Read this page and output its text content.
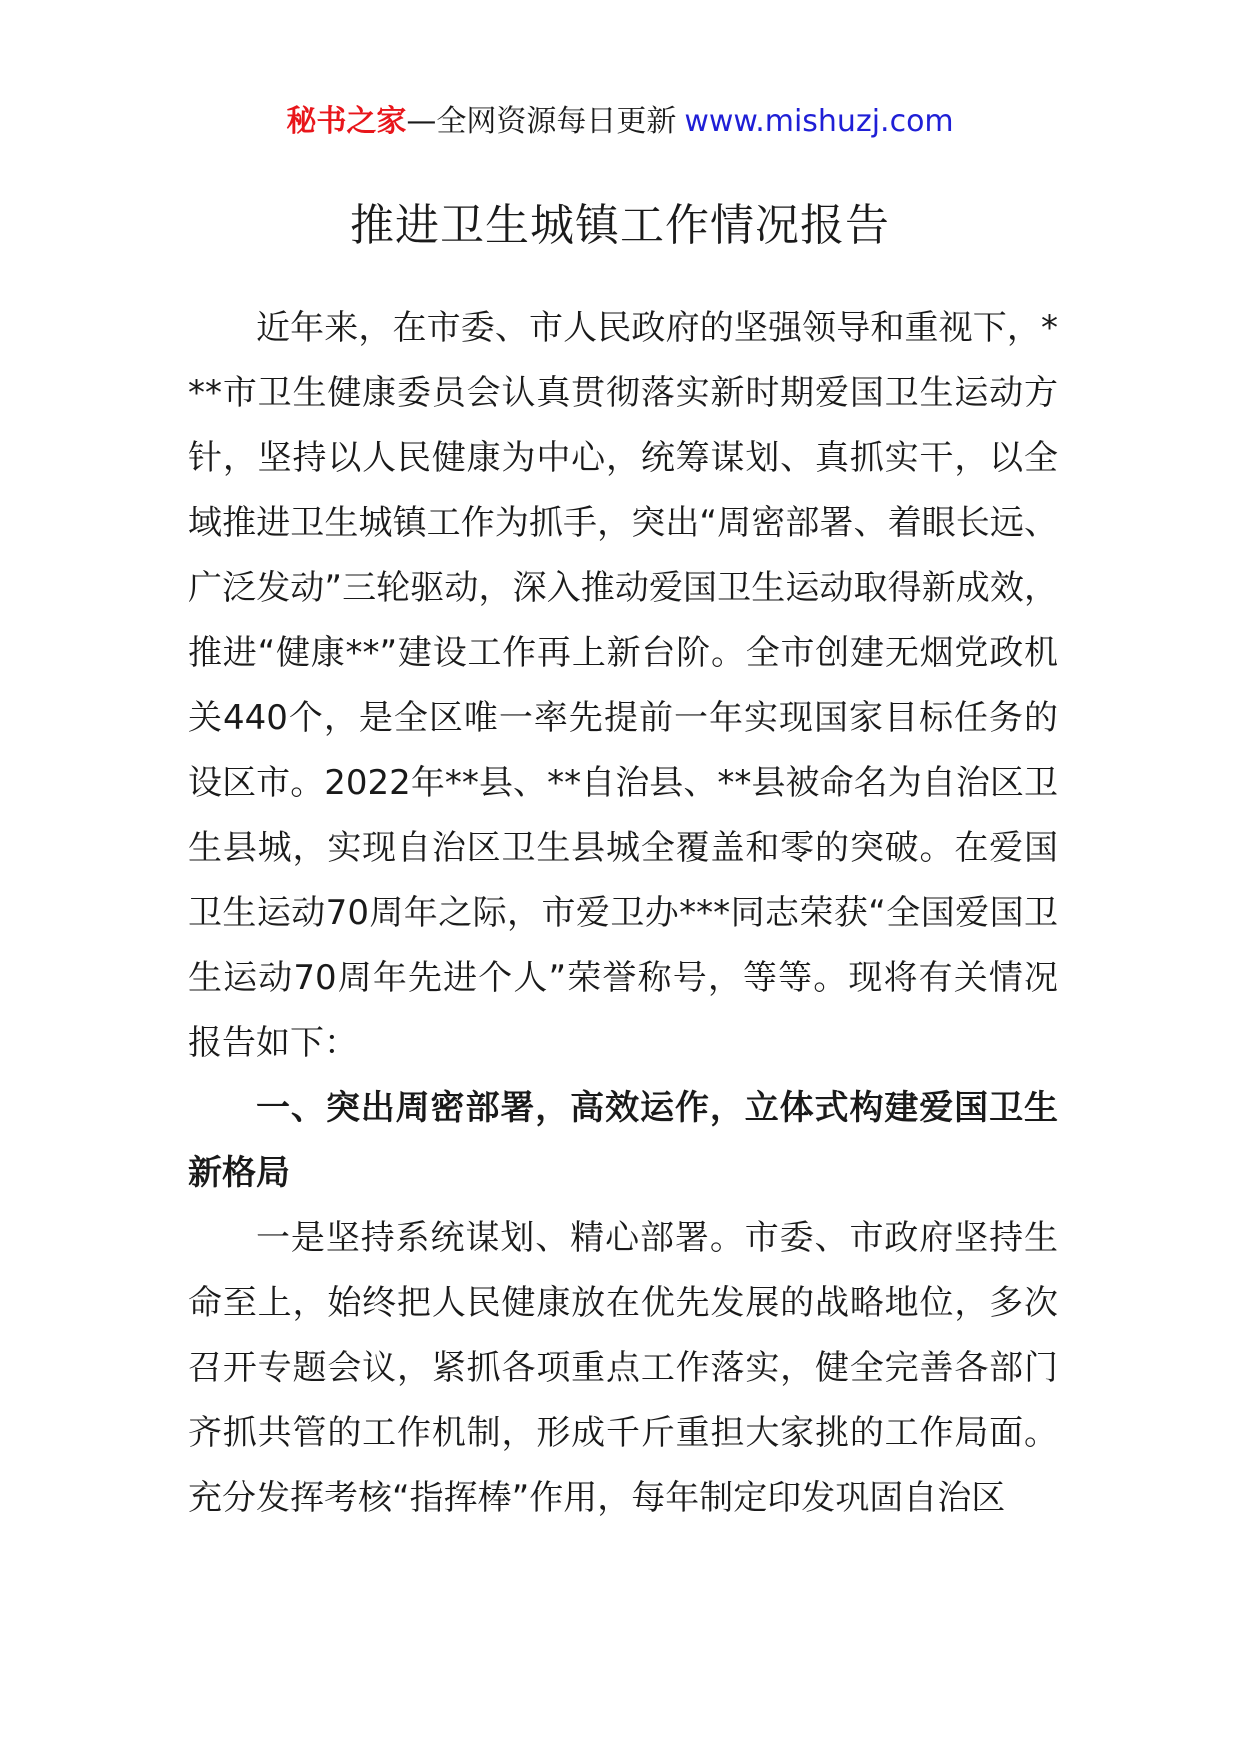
秘书之家—全网资源每日更新 www.mishuzj.com
推进卫生城镇工作情况报告

近年来，在市委、市人民政府的坚强领导和重视下，***市卫生健康委员会认真贯彻落实新时期爱国卫生运动方针，坚持以人民健康为中心，统筹谋划、真抓实干，以全域推进卫生城镇工作为抓手，突出“周密部署、着眼长远、广泛发动”三轮驱动，深入推动爱国卫生运动取得新成效，推进“健康**”建设工作再上新台阶。全市创建无烟党政机关440个，是全区唯一率先提前一年实现国家目标任务的设区市。2022年**县、**自治县、**县被命名为自治区卫生县城，实现自治区卫生县城全覆盖和零的突破。在爱国卫生运动70周年之际，市爱卫办***同志荣获“全国爱国卫生运动70周年先进个人”荣誉称号，等等。现将有关情况报告如下：

一、突出周密部署，高效运作，立体式构建爱国卫生新格局

一是坚持系统谋划、精心部署。市委、市政府坚持生命至上，始终把人民健康放在优先发展的战略地位，多次召开专题会议，紧抓各项重点工作落实，健全完善各部门齐抓共管的工作机制，形成千斤重担大家挑的工作局面。充分发挥考核“指挥棒”作用，每年制定印发巩固自治区
